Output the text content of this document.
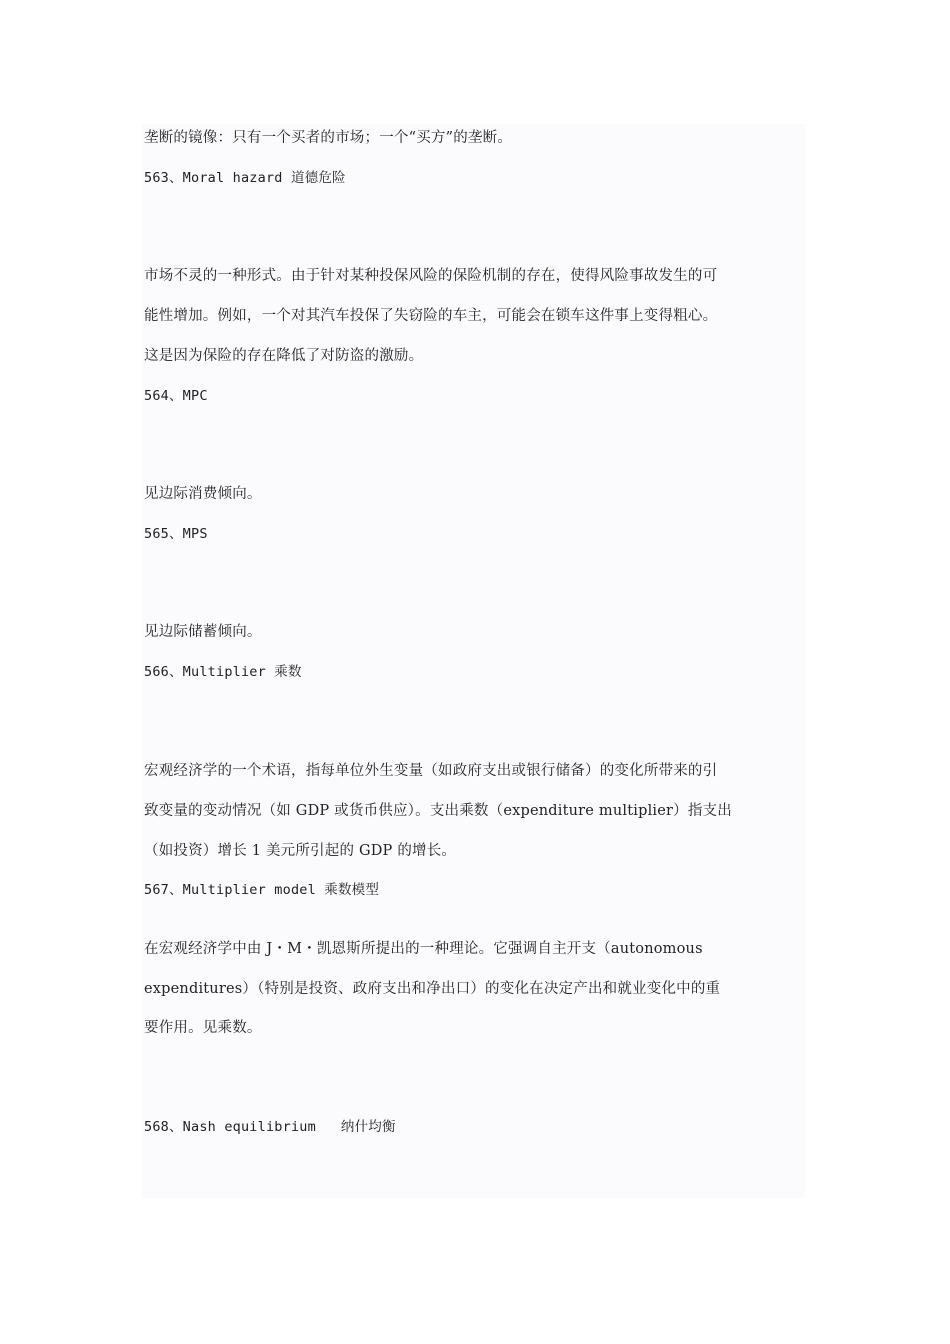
垄断的镜像：只有一个买者的市场；一个“买方”的垄断。
563、Moral hazard 道德危险
市场不灵的一种形式。由于针对某种投保风险的保险机制的存在，使得风险事故发生的可
能性增加。例如，一个对其汽车投保了失窃险的车主，可能会在锁车这件事上变得粗心。
这是因为保险的存在降低了对防盗的激励。
564、MPC
见边际消费倾向。
565、MPS
见边际储蓄倾向。
566、Multiplier 乘数
宏观经济学的一个术语，指每单位外生变量（如政府支出或银行储备）的变化所带来的引
致变量的变动情况（如 GDP 或货币供应）。支出乘数（expenditure multiplier）指支出
（如投资）增长 1 美元所引起的 GDP 的增长。
567、Multiplier model 乘数模型
在宏观经济学中由 J・M・凯恩斯所提出的一种理论。它强调自主开支（autonomous
expenditures）（特别是投资、政府支出和净出口）的变化在决定产出和就业变化中的重
要作用。见乘数。
568、Nash equilibrium   纳什均衡
